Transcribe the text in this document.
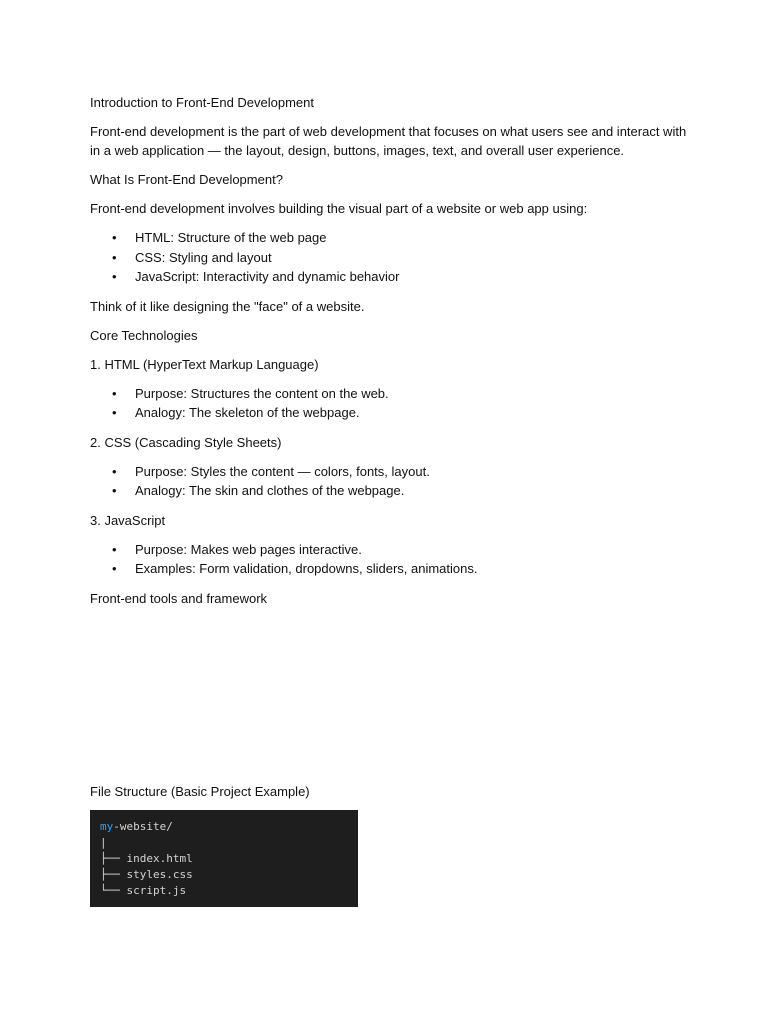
Introduction to Front-End Development

Front-end development is the part of web development that focuses on what users see and interact with in a web application — the layout, design, buttons, images, text, and overall user experience.

What Is Front-End Development?

Front-end development involves building the visual part of a website or web app using:

• HTML: Structure of the web page
• CSS: Styling and layout
• JavaScript: Interactivity and dynamic behavior

Think of it like designing the "face" of a website.

Core Technologies

1. HTML (HyperText Markup Language)

• Purpose: Structures the content on the web.
• Analogy: The skeleton of the webpage.

2. CSS (Cascading Style Sheets)

• Purpose: Styles the content — colors, fonts, layout.
• Analogy: The skin and clothes of the webpage.

3. JavaScript

• Purpose: Makes web pages interactive.
• Examples: Form validation, dropdowns, sliders, animations.

Front-end tools and framework

File Structure (Basic Project Example)

my-website/
|
├── index.html
├── styles.css
└── script.js
